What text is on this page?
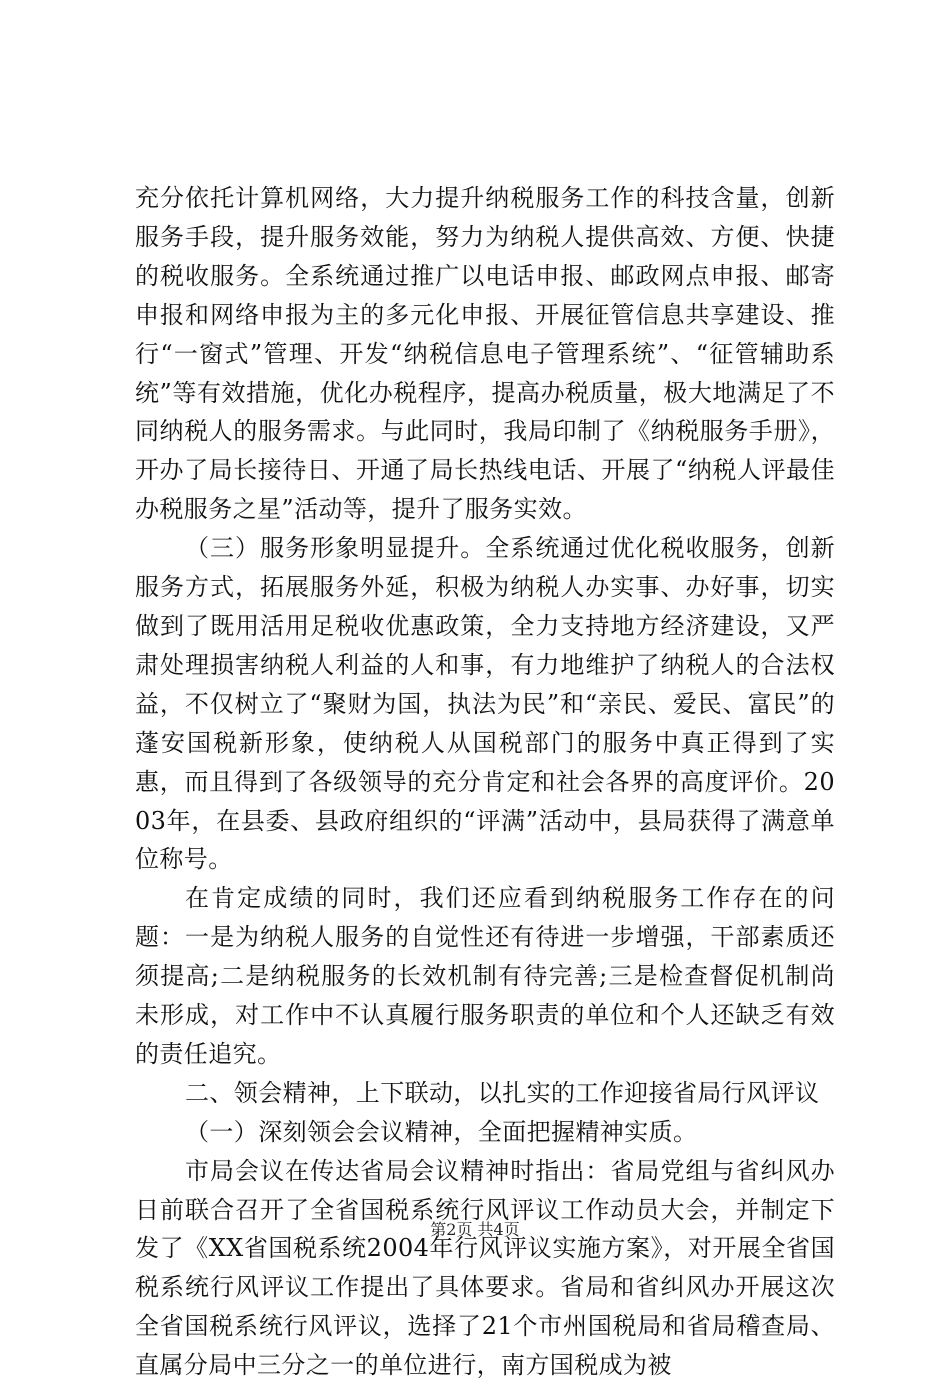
充分依托计算机网络，大力提升纳税服务工作的科技含量，创新服务手段，提升服务效能，努力为纳税人提供高效、方便、快捷的税收服务。全系统通过推广以电话申报、邮政网点申报、邮寄申报和网络申报为主的多元化申报、开展征管信息共享建设、推行“一窗式”管理、开发“纳税信息电子管理系统”、“征管辅助系统”等有效措施，优化办税程序，提高办税质量，极大地满足了不同纳税人的服务需求。与此同时，我局印制了《纳税服务手册》，开办了局长接待日、开通了局长热线电话、开展了“纳税人评最佳办税服务之星”活动等，提升了服务实效。

（三）服务形象明显提升。全系统通过优化税收服务，创新服务方式，拓展服务外延，积极为纳税人办实事、办好事，切实做到了既用活用足税收优惠政策，全力支持地方经济建设，又严肃处理损害纳税人利益的人和事，有力地维护了纳税人的合法权益，不仅树立了“聚财为国，执法为民”和“亲民、爱民、富民”的蓬安国税新形象，使纳税人从国税部门的服务中真正得到了实惠，而且得到了各级领导的充分肯定和社会各界的高度评价。2003年，在县委、县政府组织的“评满”活动中，县局获得了满意单位称号。

在肯定成绩的同时，我们还应看到纳税服务工作存在的问题：一是为纳税人服务的自觉性还有待进一步增强，干部素质还须提高;二是纳税服务的长效机制有待完善;三是检查督促机制尚未形成，对工作中不认真履行服务职责的单位和个人还缺乏有效的责任追究。

二、领会精神，上下联动，以扎实的工作迎接省局行风评议

（一）深刻领会会议精神，全面把握精神实质。

市局会议在传达省局会议精神时指出：省局党组与省纠风办日前联合召开了全省国税系统行风评议工作动员大会，并制定下发了《XX省国税系统2004年行风评议实施方案》，对开展全省国税系统行风评议工作提出了具体要求。省局和省纠风办开展这次全省国税系统行风评议，选择了21个市州国税局和省局稽查局、直属分局中三分之一的单位进行，南方国税成为被

第2页 共4页
